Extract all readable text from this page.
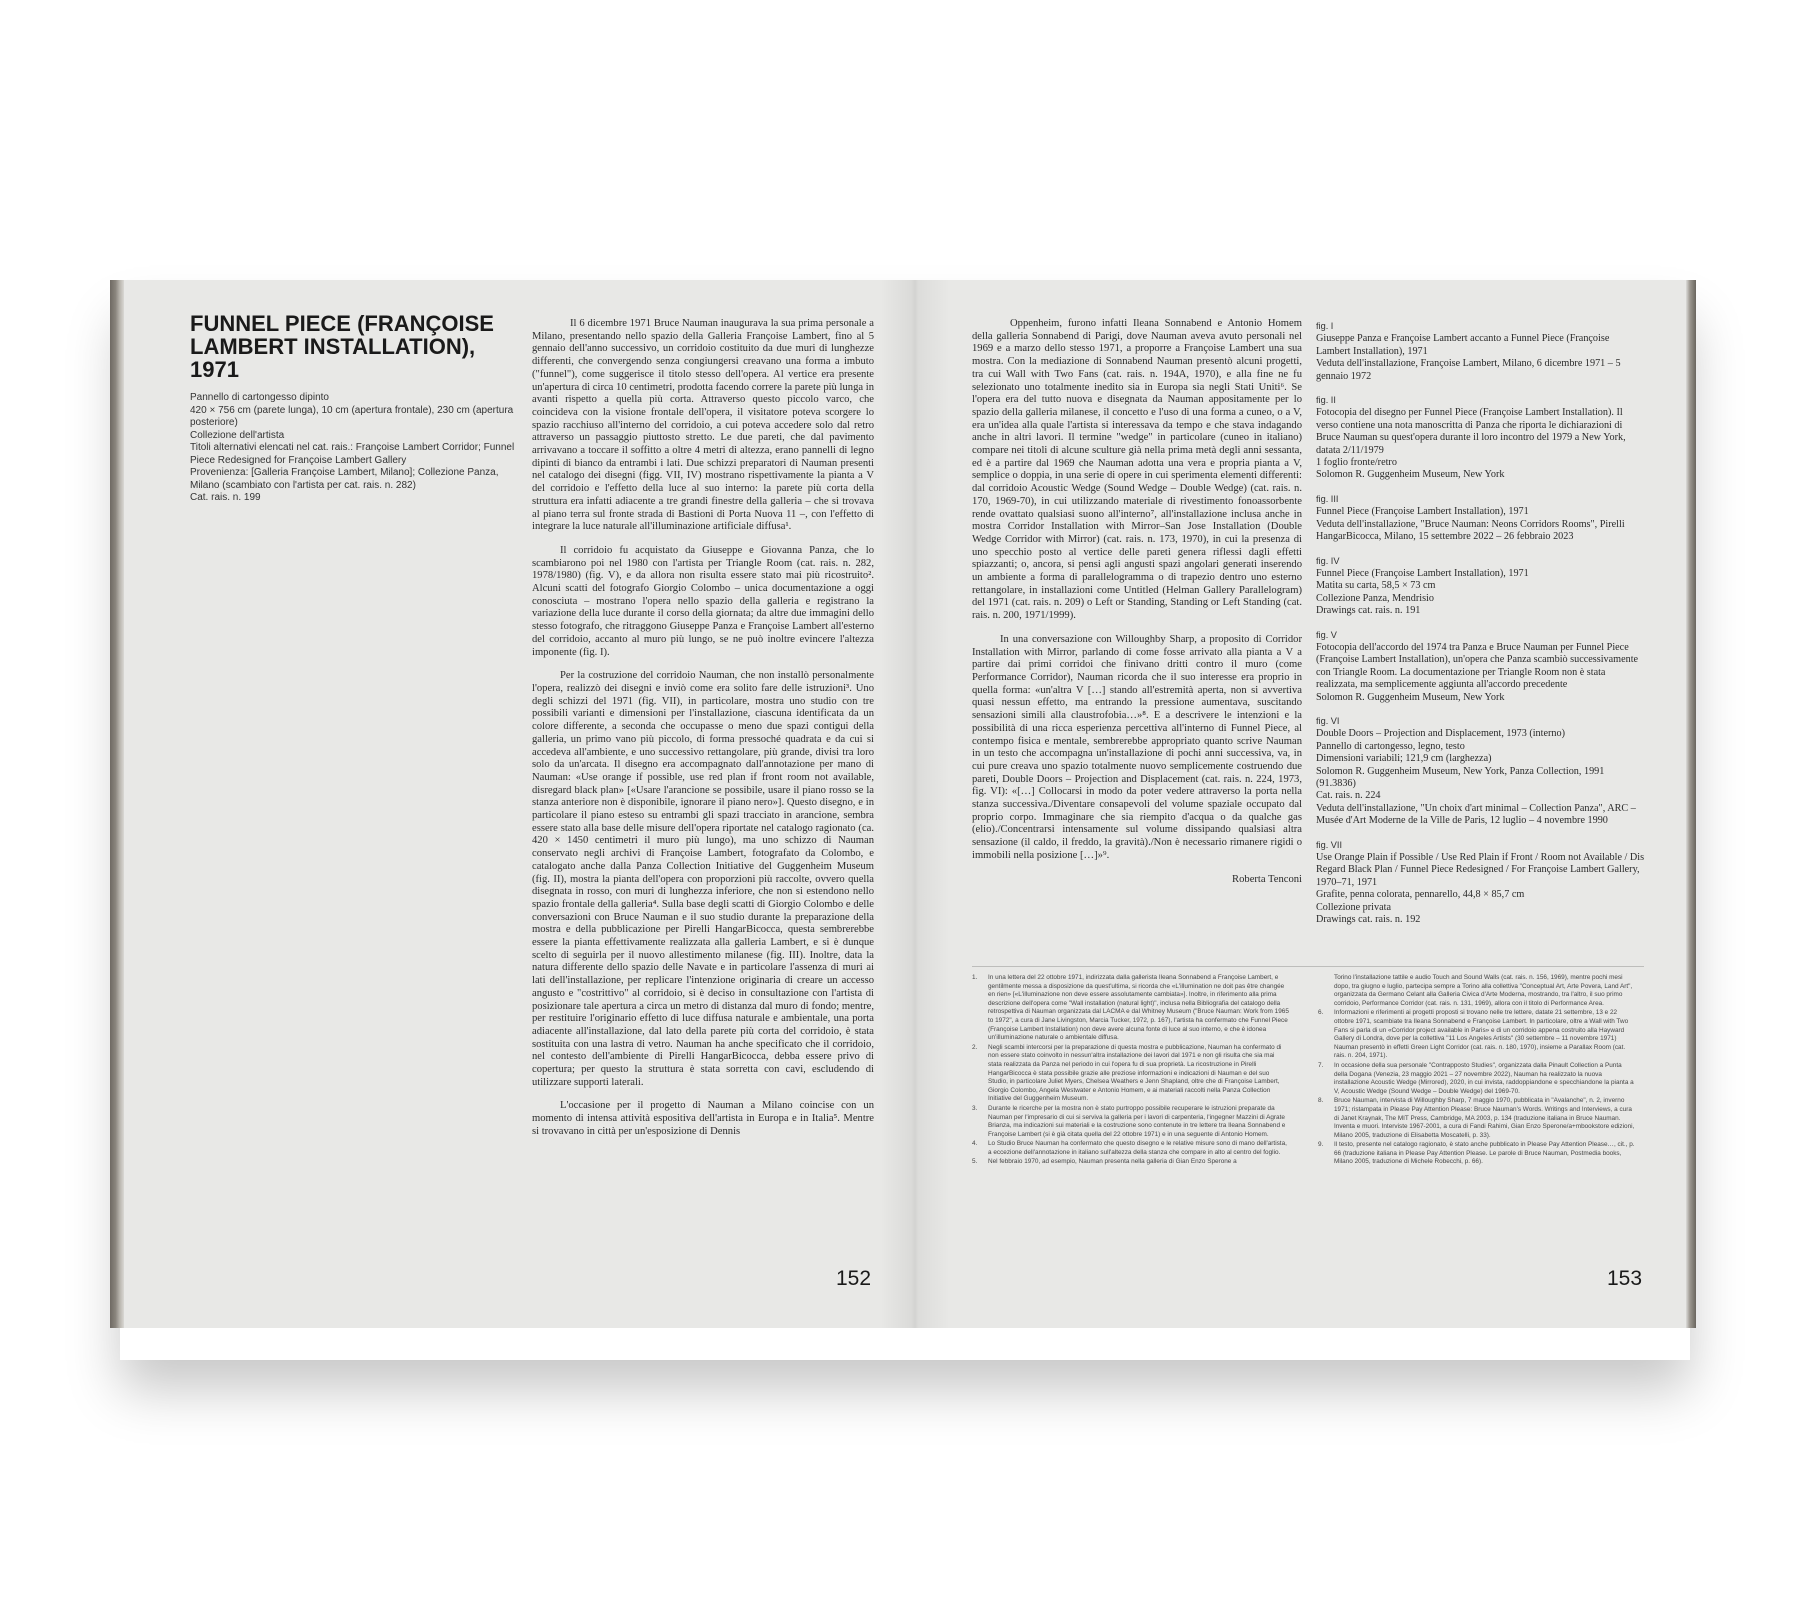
FUNNEL PIECE (FRANÇOISE LAMBERT INSTALLATION), 1971
Pannello di cartongesso dipinto
420 × 756 cm (parete lunga), 10 cm (apertura frontale), 230 cm (apertura posteriore)
Collezione dell'artista
Titoli alternativi elencati nel cat. rais.: Françoise Lambert Corridor; Funnel Piece Redesigned for Françoise Lambert Gallery
Provenienza: [Galleria Françoise Lambert, Milano]; Collezione Panza, Milano (scambiato con l'artista per cat. rais. n. 282)
Cat. rais. n. 199

Il 6 dicembre 1971 Bruce Nauman inaugurava la sua prima personale a Milano, presentando nello spazio della Galleria Françoise Lambert, fino al 5 gennaio dell'anno successivo, un corridoio costituito da due muri di lunghezze differenti, che convergendo senza congiungersi creavano una forma a imbuto ("funnel"), come suggerisce il titolo stesso dell'opera. Al vertice era presente un'apertura di circa 10 centimetri, prodotta facendo correre la parete più lunga in avanti rispetto a quella più corta. Attraverso questo piccolo varco, che coincideva con la visione frontale dell'opera, il visitatore poteva scorgere lo spazio racchiuso all'interno del corridoio, a cui poteva accedere solo dal retro attraverso un passaggio piuttosto stretto. Le due pareti, che dal pavimento arrivavano a toccare il soffitto a oltre 4 metri di altezza, erano pannelli di legno dipinti di bianco da entrambi i lati. Due schizzi preparatori di Nauman presenti nel catalogo dei disegni (figg. VII, IV) mostrano rispettivamente la pianta a V del corridoio e l'effetto della luce al suo interno: la parete più corta della struttura era infatti adiacente a tre grandi finestre della galleria – che si trovava al piano terra sul fronte strada di Bastioni di Porta Nuova 11 –, con l'effetto di integrare la luce naturale all'illuminazione artificiale diffusa¹.

Il corridoio fu acquistato da Giuseppe e Giovanna Panza, che lo scambiarono poi nel 1980 con l'artista per Triangle Room (cat. rais. n. 282, 1978/1980) (fig. V), e da allora non risulta essere stato mai più ricostruito². Alcuni scatti del fotografo Giorgio Colombo – unica documentazione a oggi conosciuta – mostrano l'opera nello spazio della galleria e registrano la variazione della luce durante il corso della giornata; da altre due immagini dello stesso fotografo, che ritraggono Giuseppe Panza e Françoise Lambert all'esterno del corridoio, accanto al muro più lungo, se ne può inoltre evincere l'altezza imponente (fig. I).

Per la costruzione del corridoio Nauman, che non installò personalmente l'opera, realizzò dei disegni e inviò come era solito fare delle istruzioni³. Uno degli schizzi del 1971 (fig. VII), in particolare, mostra uno studio con tre possibili varianti e dimensioni per l'installazione, ciascuna identificata da un colore differente, a seconda che occupasse o meno due spazi contigui della galleria, un primo vano più piccolo, di forma pressoché quadrata e da cui si accedeva all'ambiente, e uno successivo rettangolare, più grande, divisi tra loro solo da un'arcata. Il disegno era accompagnato dall'annotazione per mano di Nauman: «Use orange if possible, use red plan if front room not available, disregard black plan» [«Usare l'arancione se possibile, usare il piano rosso se la stanza anteriore non è disponibile, ignorare il piano nero»]. Questo disegno, e in particolare il piano esteso su entrambi gli spazi tracciato in arancione, sembra essere stato alla base delle misure dell'opera riportate nel catalogo ragionato (ca. 420 × 1450 centimetri il muro più lungo), ma uno schizzo di Nauman conservato negli archivi di Françoise Lambert, fotografato da Colombo, e catalogato anche dalla Panza Collection Initiative del Guggenheim Museum (fig. II), mostra la pianta dell'opera con proporzioni più raccolte, ovvero quella disegnata in rosso, con muri di lunghezza inferiore, che non si estendono nello spazio frontale della galleria⁴. Sulla base degli scatti di Giorgio Colombo e delle conversazioni con Bruce Nauman e il suo studio durante la preparazione della mostra e della pubblicazione per Pirelli HangarBicocca, questa sembrerebbe essere la pianta effettivamente realizzata alla galleria Lambert, e si è dunque scelto di seguirla per il nuovo allestimento milanese (fig. III). Inoltre, data la natura differente dello spazio delle Navate e in particolare l'assenza di muri ai lati dell'installazione, per replicare l'intenzione originaria di creare un accesso angusto e "costrittivo" al corridoio, si è deciso in consultazione con l'artista di posizionare tale apertura a circa un metro di distanza dal muro di fondo; mentre, per restituire l'originario effetto di luce diffusa naturale e ambientale, una porta adiacente all'installazione, dal lato della parete più corta del corridoio, è stata sostituita con una lastra di vetro. Nauman ha anche specificato che il corridoio, nel contesto dell'ambiente di Pirelli HangarBicocca, debba essere privo di copertura; per questo la struttura è stata sorretta con cavi, escludendo di utilizzare supporti laterali.

L'occasione per il progetto di Nauman a Milano coincise con un momento di intensa attività espositiva dell'artista in Europa e in Italia⁵. Mentre si trovavano in città per un'esposizione di Dennis

152

Oppenheim, furono infatti Ileana Sonnabend e Antonio Homem della galleria Sonnabend di Parigi, dove Nauman aveva avuto personali nel 1969 e a marzo dello stesso 1971, a proporre a Françoise Lambert una sua mostra. Con la mediazione di Sonnabend Nauman presentò alcuni progetti, tra cui Wall with Two Fans (cat. rais. n. 194A, 1970), e alla fine ne fu selezionato uno totalmente inedito sia in Europa sia negli Stati Uniti⁶. Se l'opera era del tutto nuova e disegnata da Nauman appositamente per lo spazio della galleria milanese, il concetto e l'uso di una forma a cuneo, o a V, era un'idea alla quale l'artista si interessava da tempo e che stava indagando anche in altri lavori. Il termine "wedge" in particolare (cuneo in italiano) compare nei titoli di alcune sculture già nella prima metà degli anni sessanta, ed è a partire dal 1969 che Nauman adotta una vera e propria pianta a V, semplice o doppia, in una serie di opere in cui sperimenta elementi differenti: dal corridoio Acoustic Wedge (Sound Wedge – Double Wedge) (cat. rais. n. 170, 1969-70), in cui utilizzando materiale di rivestimento fonoassorbente rende ovattato qualsiasi suono all'interno⁷, all'installazione inclusa anche in mostra Corridor Installation with Mirror–San Jose Installation (Double Wedge Corridor with Mirror) (cat. rais. n. 173, 1970), in cui la presenza di uno specchio posto al vertice delle pareti genera riflessi dagli effetti spiazzanti; o, ancora, si pensi agli angusti spazi angolari generati inserendo un ambiente a forma di parallelogramma o di trapezio dentro uno esterno rettangolare, in installazioni come Untitled (Helman Gallery Parallelogram) del 1971 (cat. rais. n. 209) o Left or Standing, Standing or Left Standing (cat. rais. n. 200, 1971/1999).

In una conversazione con Willoughby Sharp, a proposito di Corridor Installation with Mirror, parlando di come fosse arrivato alla pianta a V a partire dai primi corridoi che finivano dritti contro il muro (come Performance Corridor), Nauman ricorda che il suo interesse era proprio in quella forma: «un'altra V […] stando all'estremità aperta, non si avvertiva quasi nessun effetto, ma entrando la pressione aumentava, suscitando sensazioni simili alla claustrofobia…»⁸. E a descrivere le intenzioni e la possibilità di una ricca esperienza percettiva all'interno di Funnel Piece, al contempo fisica e mentale, sembrerebbe appropriato quanto scrive Nauman in un testo che accompagna un'installazione di pochi anni successiva, va, in cui pure creava uno spazio totalmente nuovo semplicemente costruendo due pareti, Double Doors – Projection and Displacement (cat. rais. n. 224, 1973, fig. VI): «[…] Collocarsi in modo da poter vedere attraverso la porta nella stanza successiva./Diventare consapevoli del volume spaziale occupato dal proprio corpo. Immaginare che sia riempito d'acqua o da qualche gas (elio)./Concentrarsi intensamente sul volume dissipando qualsiasi altra sensazione (il caldo, il freddo, la gravità)./Non è necessario rimanere rigidi o immobili nella posizione […]»⁹.

Roberta Tenconi
fig. I
Giuseppe Panza e Françoise Lambert accanto a Funnel Piece (Françoise Lambert Installation), 1971
Veduta dell'installazione, Françoise Lambert, Milano, 6 dicembre 1971 – 5 gennaio 1972
fig. II
Fotocopia del disegno per Funnel Piece (Françoise Lambert Installation). Il verso contiene una nota manoscritta di Panza che riporta le dichiarazioni di Bruce Nauman su quest'opera durante il loro incontro del 1979 a New York, datata 2/11/1979
1 foglio fronte/retro
Solomon R. Guggenheim Museum, New York
fig. III
Funnel Piece (Françoise Lambert Installation), 1971
Veduta dell'installazione, "Bruce Nauman: Neons Corridors Rooms", Pirelli HangarBicocca, Milano, 15 settembre 2022 – 26 febbraio 2023
fig. IV
Funnel Piece (Françoise Lambert Installation), 1971
Matita su carta, 58,5 × 73 cm
Collezione Panza, Mendrisio
Drawings cat. rais. n. 191
fig. V
Fotocopia dell'accordo del 1974 tra Panza e Bruce Nauman per Funnel Piece (Françoise Lambert Installation), un'opera che Panza scambiò successivamente con Triangle Room. La documentazione per Triangle Room non è stata realizzata, ma semplicemente aggiunta all'accordo precedente
Solomon R. Guggenheim Museum, New York
fig. VI
Double Doors – Projection and Displacement, 1973 (interno)
Pannello di cartongesso, legno, testo
Dimensioni variabili; 121,9 cm (larghezza)
Solomon R. Guggenheim Museum, New York, Panza Collection, 1991 (91.3836)
Cat. rais. n. 224
Veduta dell'installazione, "Un choix d'art minimal – Collection Panza", ARC – Musée d'Art Moderne de la Ville de Paris, 12 luglio – 4 novembre 1990
fig. VII
Use Orange Plain if Possible / Use Red Plain if Front / Room not Available / Dis Regard Black Plan / Funnel Piece Redesigned / For Françoise Lambert Gallery, 1970–71, 1971
Grafite, penna colorata, pennarello, 44,8 × 85,7 cm
Collezione privata
Drawings cat. rais. n. 192
1.	In una lettera del 22 ottobre 1971, indirizzata dalla gallerista Ileana Sonnabend a Françoise Lambert, e gentilmente messa a disposizione da quest'ultima, si ricorda che «L'illumination ne doit pas être changée en rien» [«L'illuminazione non deve essere assolutamente cambiata»]. Inoltre, in riferimento alla prima descrizione dell'opera come "Wall installation (natural light)", inclusa nella Bibliografia del catalogo della retrospettiva di Nauman organizzata dal LACMA e dal Whitney Museum ("Bruce Nauman: Work from 1965 to 1972", a cura di Jane Livingston, Marcia Tucker, 1972, p. 167), l'artista ha confermato che Funnel Piece (Françoise Lambert Installation) non deve avere alcuna fonte di luce al suo interno, e che è idonea un'illuminazione naturale o ambientale diffusa.
2.	Negli scambi intercorsi per la preparazione di questa mostra e pubblicazione, Nauman ha confermato di non essere stato coinvolto in nessun'altra installazione dei lavori dal 1971 e non gli risulta che sia mai stata realizzata da Panza nel periodo in cui l'opera fu di sua proprietà. La ricostruzione in Pirelli HangarBicocca è stata possibile grazie alle preziose informazioni e indicazioni di Nauman e del suo Studio, in particolare Juliet Myers, Chelsea Weathers e Jenn Shapland, oltre che di Françoise Lambert, Giorgio Colombo, Angela Westwater e Antonio Homem, e ai materiali raccolti nella Panza Collection Initiative del Guggenheim Museum.
3.	Durante le ricerche per la mostra non è stato purtroppo possibile recuperare le istruzioni preparate da Nauman per l'impresario di cui si serviva la galleria per i lavori di carpenteria, l'ingegner Mazzini di Agrate Brianza, ma indicazioni sui materiali e la costruzione sono contenute in tre lettere tra Ileana Sonnabend e Françoise Lambert (si è già citata quella del 22 ottobre 1971) e in una seguente di Antonio Homem.
4.	Lo Studio Bruce Nauman ha confermato che questo disegno e le relative misure sono di mano dell'artista, a eccezione dell'annotazione in italiano sull'altezza della stanza che compare in alto al centro del foglio.
5.	Nel febbraio 1970, ad esempio, Nauman presenta nella galleria di Gian Enzo Sperone a
Torino l'installazione tattile e audio Touch and Sound Walls (cat. rais. n. 156, 1969), mentre pochi mesi dopo, tra giugno e luglio, partecipa sempre a Torino alla collettiva "Conceptual Art, Arte Povera, Land Art", organizzata da Germano Celant alla Galleria Civica d'Arte Moderna, mostrando, tra l'altro, il suo primo corridoio, Performance Corridor (cat. rais. n. 131, 1969), allora con il titolo di Performance Area.
6.	Informazioni e riferimenti ai progetti proposti si trovano nelle tre lettere, datate 21 settembre, 13 e 22 ottobre 1971, scambiate tra Ileana Sonnabend e Françoise Lambert. In particolare, oltre a Wall with Two Fans si parla di un «Corridor project available in Paris» e di un corridoio appena costruito alla Hayward Gallery di Londra, dove per la collettiva "11 Los Angeles Artists" (30 settembre – 11 novembre 1971) Nauman presentò in effetti Green Light Corridor (cat. rais. n. 180, 1970), insieme a Parallax Room (cat. rais. n. 204, 1971).
7.	In occasione della sua personale "Contrapposto Studies", organizzata dalla Pinault Collection a Punta della Dogana (Venezia, 23 maggio 2021 – 27 novembre 2022), Nauman ha realizzato la nuova installazione Acoustic Wedge (Mirrored), 2020, in cui invista, raddoppiandone e specchiandone la pianta a V, Acoustic Wedge (Sound Wedge – Double Wedge) del 1969-70.
8.	Bruce Nauman, intervista di Willoughby Sharp, 7 maggio 1970, pubblicata in "Avalanche", n. 2, inverno 1971; ristampata in Please Pay Attention Please: Bruce Nauman's Words. Writings and Interviews, a cura di Janet Kraynak, The MIT Press, Cambridge, MA 2003, p. 134 (traduzione italiana in Bruce Nauman. Inventa e muori. Interviste 1967-2001, a cura di Fandi Rahimi, Gian Enzo Sperone/a+mbookstore edizioni, Milano 2005, traduzione di Elisabetta Moscatelli, p. 33).
9.	Il testo, presente nel catalogo ragionato, è stato anche pubblicato in Please Pay Attention Please…, cit., p. 66 (traduzione italiana in Please Pay Attention Please. Le parole di Bruce Nauman, Postmedia books, Milano 2005, traduzione di Michele Robecchi, p. 66).
153
